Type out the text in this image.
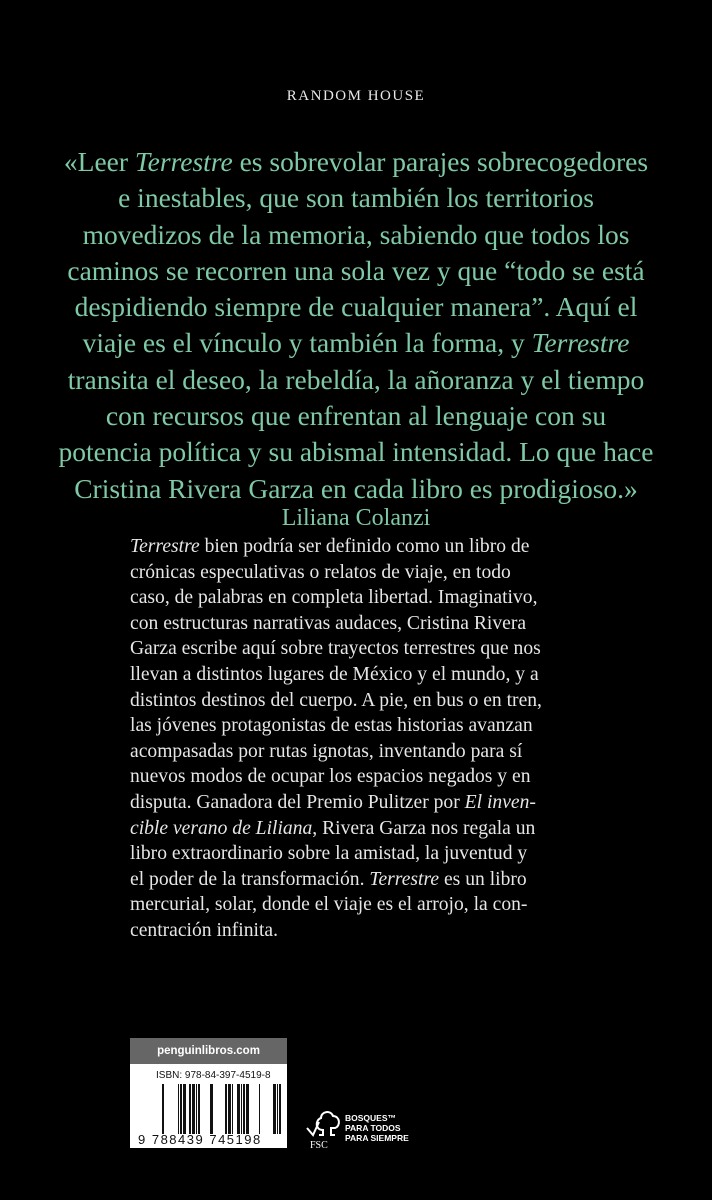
RANDOM HOUSE
«Leer Terrestre es sobrevolar parajes sobrecogedores
e inestables, que son también los territorios
movedizos de la memoria, sabiendo que todos los
caminos se recorren una sola vez y que “todo se está
despidiendo siempre de cualquier manera”. Aquí el
viaje es el vínculo y también la forma, y Terrestre
transita el deseo, la rebeldía, la añoranza y el tiempo
con recursos que enfrentan al lenguaje con su
potencia política y su abismal intensidad. Lo que hace
Cristina Rivera Garza en cada libro es prodigioso.»
Liliana Colanzi
Terrestre bien podría ser definido como un libro de
crónicas especulativas o relatos de viaje, en todo
caso, de palabras en completa libertad. Imaginativo,
con estructuras narrativas audaces, Cristina Rivera
Garza escribe aquí sobre trayectos terrestres que nos
llevan a distintos lugares de México y el mundo, y a
distintos destinos del cuerpo. A pie, en bus o en tren,
las jóvenes protagonistas de estas historias avanzan
acompasadas por rutas ignotas, inventando para sí
nuevos modos de ocupar los espacios negados y en
disputa. Ganadora del Premio Pulitzer por El inven-
cible verano de Liliana, Rivera Garza nos regala un
libro extraordinario sobre la amistad, la juventud y
el poder de la transformación. Terrestre es un libro
mercurial, solar, donde el viaje es el arrojo, la con-
centración infinita.
penguinlibros.com
ISBN: 978-84-397-4519-8
9 788439 745198	FSC
BOSQUES™
PARA TODOS
PARA SIEMPRE
